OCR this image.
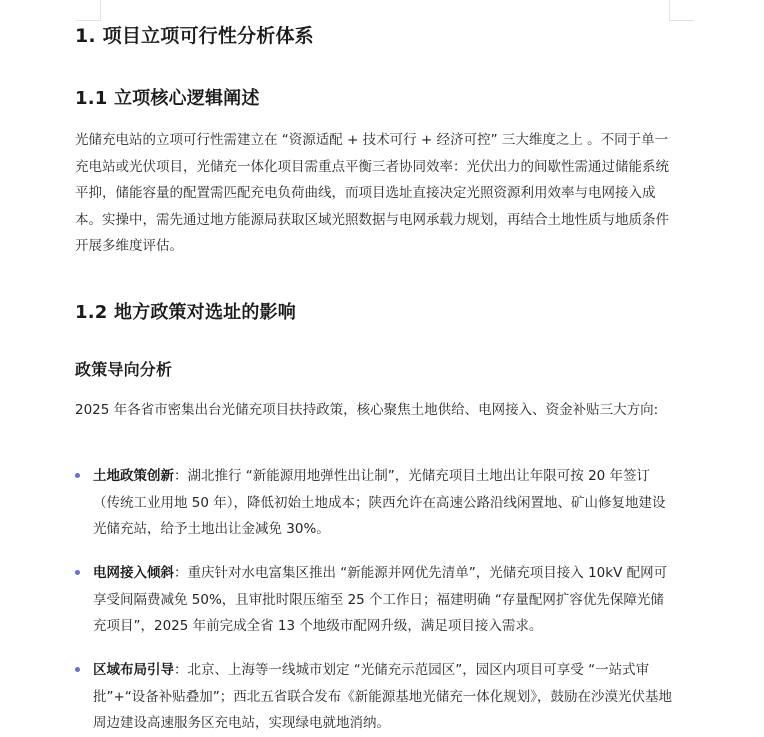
1. 项目立项可行性分析体系
1.1 立项核心逻辑阐述

光储充电站的立项可行性需建立在 “资源适配 + 技术可行 + 经济可控” 三大维度之上 。不同于单一充电站或光伏项目，光储充一体化项目需重点平衡三者协同效率：光伏出力的间歇性需通过储能系统平抑，储能容量的配置需匹配充电负荷曲线，而项目选址直接决定光照资源利用效率与电网接入成本。实操中，需先通过地方能源局获取区域光照数据与电网承载力规划，再结合土地性质与地质条件开展多维度评估。

1.2 地方政策对选址的影响
政策导向分析

2025 年各省市密集出台光储充项目扶持政策，核心聚焦土地供给、电网接入、资金补贴三大方向:

土地政策创新：湖北推行 “新能源用地弹性出让制”，光储充项目土地出让年限可按 20 年签订（传统工业用地 50 年），降低初始土地成本；陕西允许在高速公路沿线闲置地、矿山修复地建设光储充站，给予土地出让金减免 30%。

电网接入倾斜：重庆针对水电富集区推出 “新能源并网优先清单”，光储充项目接入 10kV 配网可享受间隔费减免 50%，且审批时限压缩至 25 个工作日；福建明确 “存量配网扩容优先保障光储充项目”，2025 年前完成全省 13 个地级市配网升级，满足项目接入需求。

区域布局引导：北京、上海等一线城市划定 “光储充示范园区”，园区内项目可享受 “一站式审批”+“设备补贴叠加”；西北五省联合发布《新能源基地光储充一体化规划》，鼓励在沙漠光伏基地周边建设高速服务区充电站，实现绿电就地消纳。
